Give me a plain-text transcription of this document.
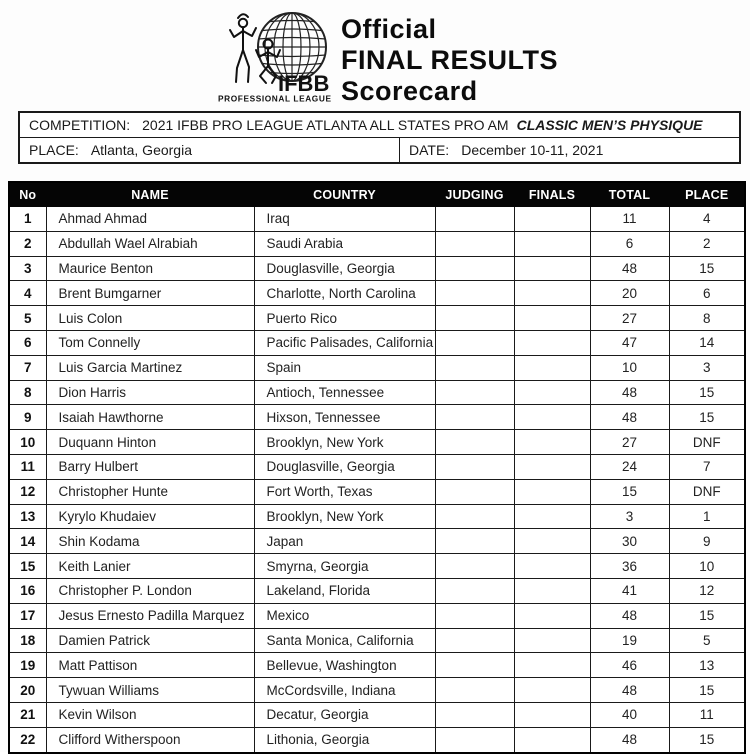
IFBB
PROFESSIONAL LEAGUE
Official
FINAL RESULTS
Scorecard
COMPETITION: 2021 IFBB PRO LEAGUE ATLANTA ALL STATES PRO AM CLASSIC MEN’S PHYSIQUE
PLACE: Atlanta, Georgia	DATE: December 10-11, 2021
No	NAME	COUNTRY	JUDGING	FINALS	TOTAL	PLACE
1	Ahmad Ahmad	Iraq			11	4
2	Abdullah Wael Alrabiah	Saudi Arabia			6	2
3	Maurice Benton	Douglasville, Georgia			48	15
4	Brent Bumgarner	Charlotte, North Carolina			20	6
5	Luis Colon	Puerto Rico			27	8
6	Tom Connelly	Pacific Palisades, California			47	14
7	Luis Garcia Martinez	Spain			10	3
8	Dion Harris	Antioch, Tennessee			48	15
9	Isaiah Hawthorne	Hixson, Tennessee			48	15
10	Duquann Hinton	Brooklyn, New York			27	DNF
11	Barry Hulbert	Douglasville, Georgia			24	7
12	Christopher Hunte	Fort Worth, Texas			15	DNF
13	Kyrylo Khudaiev	Brooklyn, New York			3	1
14	Shin Kodama	Japan			30	9
15	Keith Lanier	Smyrna, Georgia			36	10
16	Christopher P. London	Lakeland, Florida			41	12
17	Jesus Ernesto Padilla Marquez	Mexico			48	15
18	Damien Patrick	Santa Monica, California			19	5
19	Matt Pattison	Bellevue, Washington			46	13
20	Tywuan Williams	McCordsville, Indiana			48	15
21	Kevin Wilson	Decatur, Georgia			40	11
22	Clifford Witherspoon	Lithonia, Georgia			48	15
